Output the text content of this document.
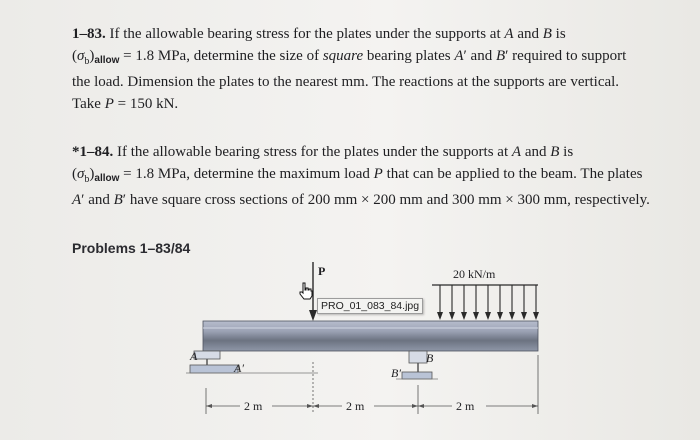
1–83. If the allowable bearing stress for the plates under the supports at A and B is
$(\sigma_b)_{allow} = 1.8$ MPa, determine the size of square bearing plates A′ and B′ required to support
the load. Dimension the plates to the nearest mm. The reactions at the supports are vertical.
Take P = 150 kN.
*1–84. If the allowable bearing stress for the plates under the supports at A and B is
$(\sigma_b)_{allow} = 1.8$ MPa, determine the maximum load P that can be applied to the beam. The plates
A′ and B′ have square cross sections of 200 mm × 200 mm and 300 mm × 300 mm, respectively.
Problems 1–83/84
P	20 kN/m
A
A′
B
B′
2 m	2 m	2 m
PRO_01_083_84.jpg
